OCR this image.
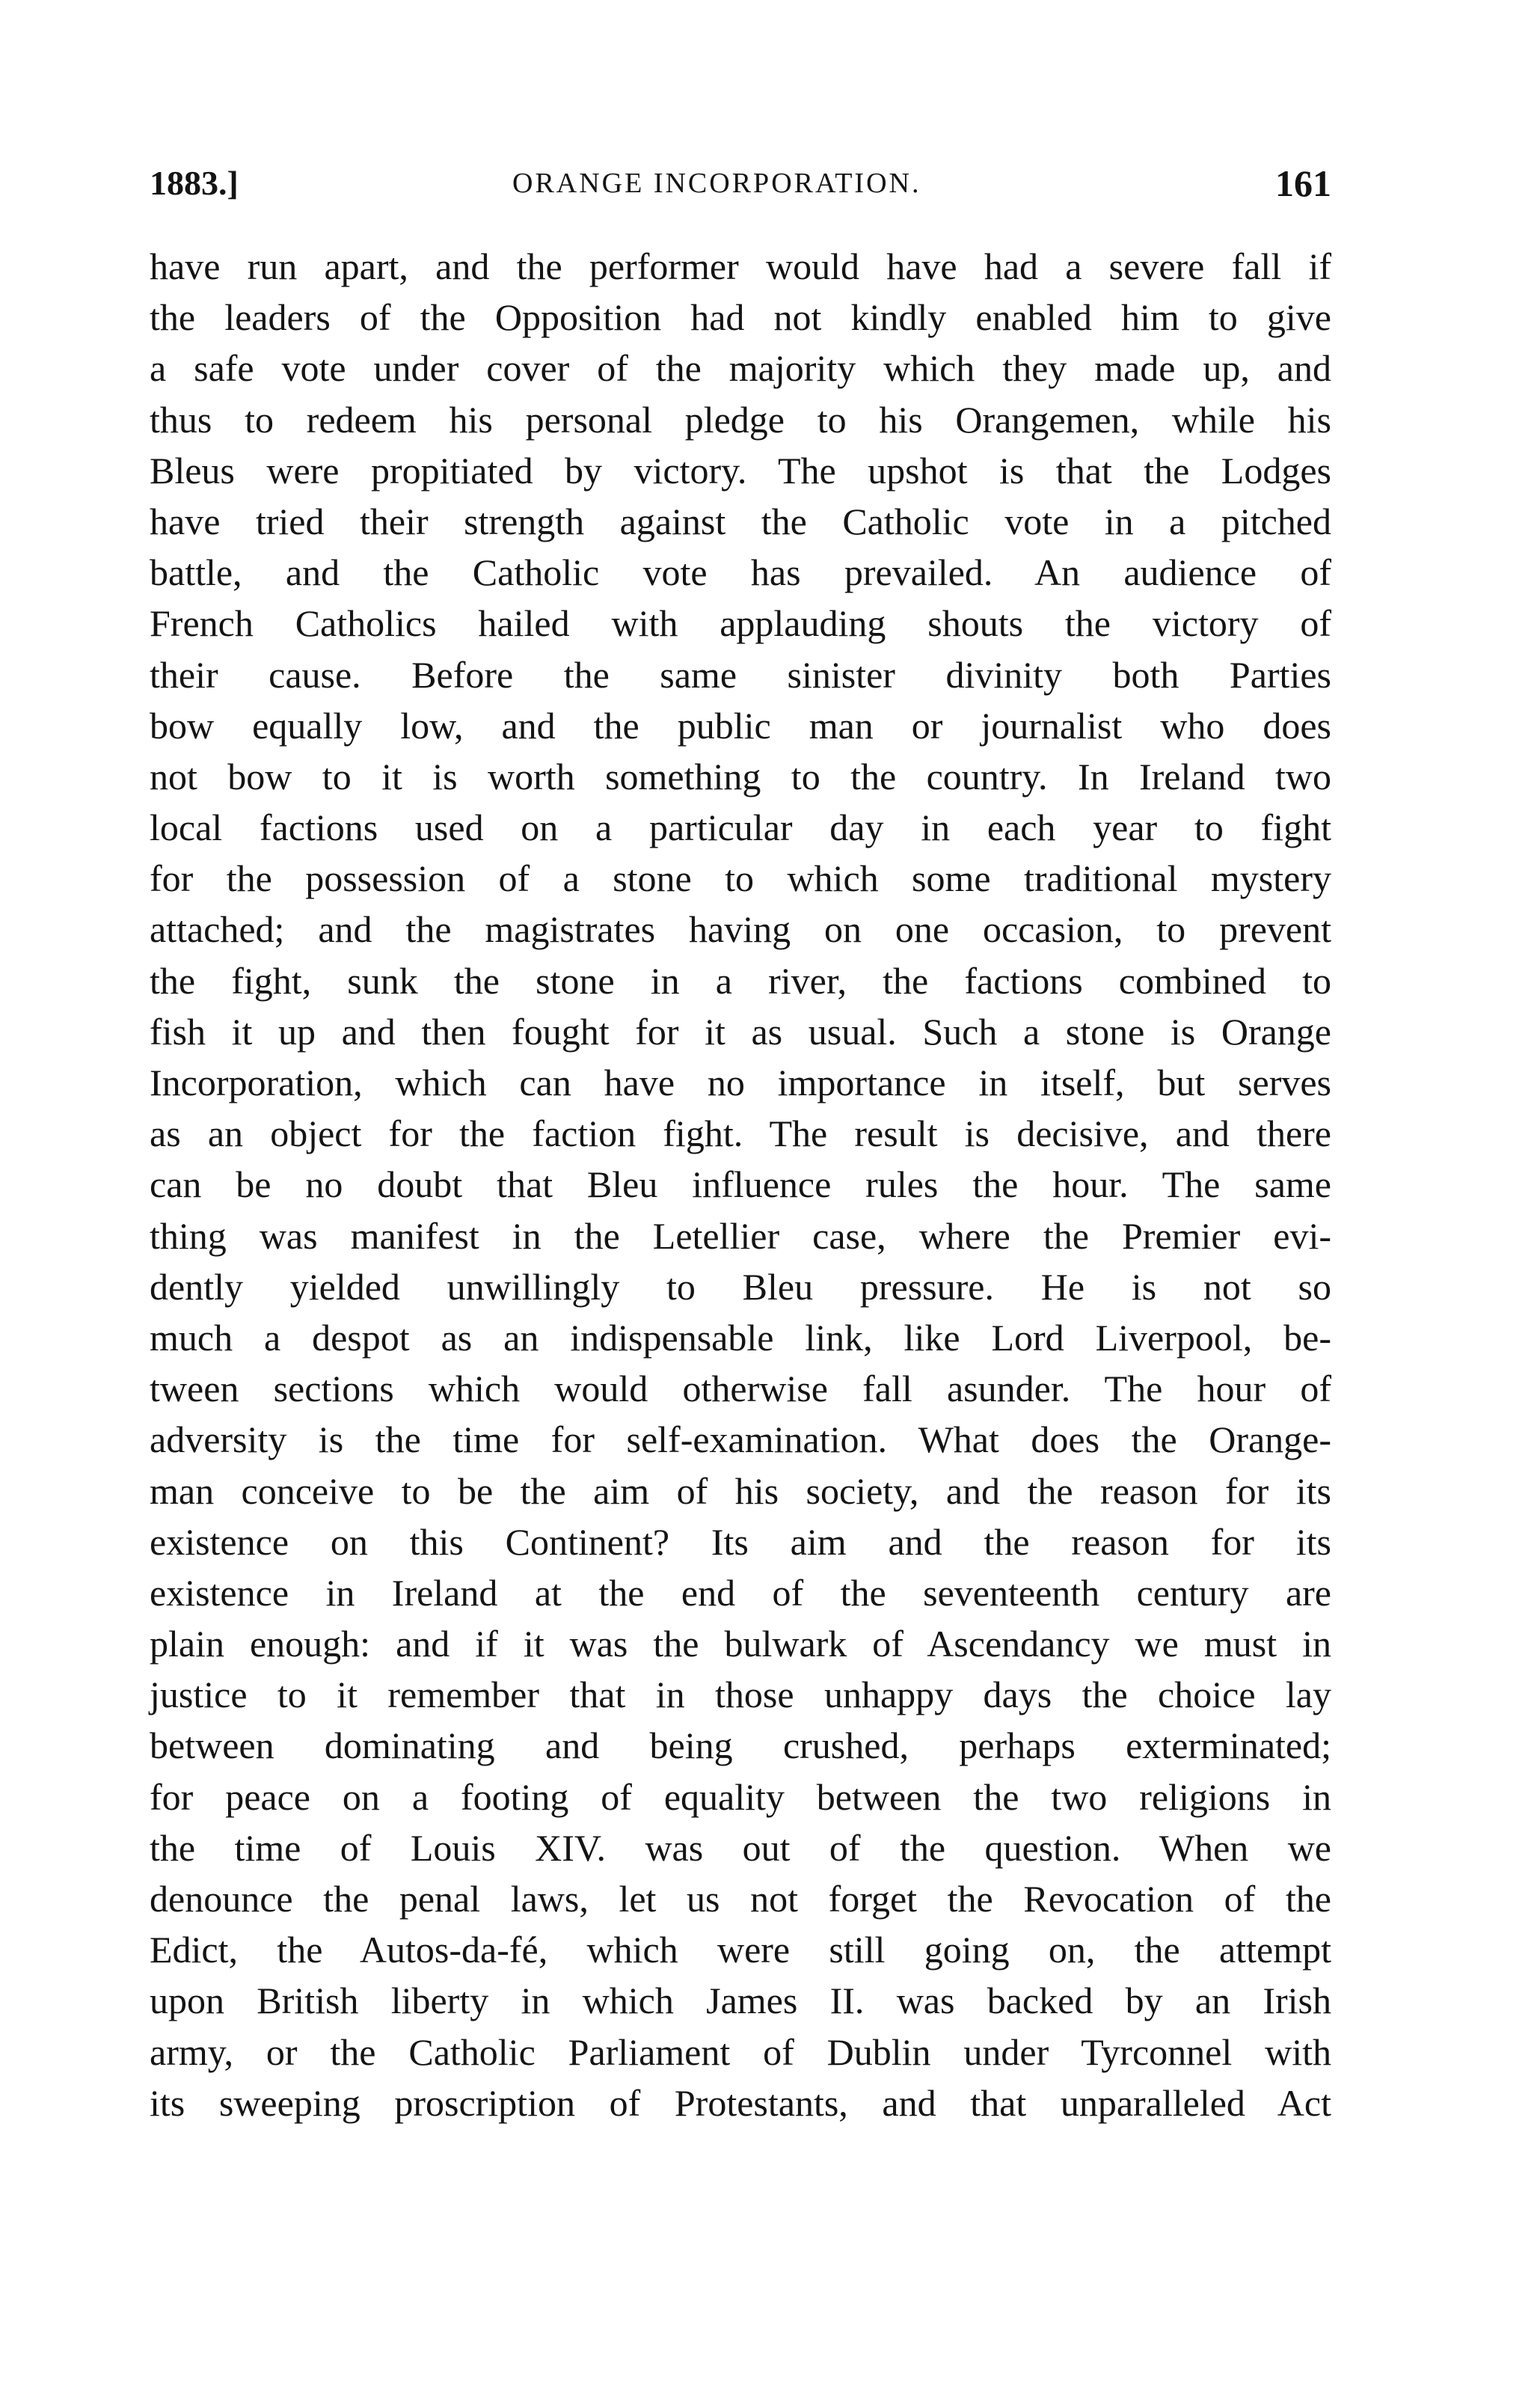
1883.]	ORANGE INCORPORATION.	161
have run apart, and the performer would have had a severe fall if
the leaders of the Opposition had not kindly enabled him to give
a safe vote under cover of the majority which they made up, and
thus to redeem his personal pledge to his Orangemen, while his
Bleus were propitiated by victory. The upshot is that the Lodges
have tried their strength against the Catholic vote in a pitched
battle, and the Catholic vote has prevailed. An audience of
French Catholics hailed with applauding shouts the victory of
their cause. Before the same sinister divinity both Parties
bow equally low, and the public man or journalist who does
not bow to it is worth something to the country. In Ireland two
local factions used on a particular day in each year to fight
for the possession of a stone to which some traditional mystery
attached; and the magistrates having on one occasion, to prevent
the fight, sunk the stone in a river, the factions combined to
fish it up and then fought for it as usual. Such a stone is Orange
Incorporation, which can have no importance in itself, but serves
as an object for the faction fight. The result is decisive, and there
can be no doubt that Bleu influence rules the hour. The same
thing was manifest in the Letellier case, where the Premier evi-
dently yielded unwillingly to Bleu pressure. He is not so
much a despot as an indispensable link, like Lord Liverpool, be-
tween sections which would otherwise fall asunder. The hour of
adversity is the time for self-examination. What does the Orange-
man conceive to be the aim of his society, and the reason for its
existence on this Continent? Its aim and the reason for its
existence in Ireland at the end of the seventeenth century are
plain enough: and if it was the bulwark of Ascendancy we must in
justice to it remember that in those unhappy days the choice lay
between dominating and being crushed, perhaps exterminated;
for peace on a footing of equality between the two religions in
the time of Louis XIV. was out of the question. When we
denounce the penal laws, let us not forget the Revocation of the
Edict, the Autos-da-fé, which were still going on, the attempt
upon British liberty in which James II. was backed by an Irish
army, or the Catholic Parliament of Dublin under Tyrconnel with
its sweeping proscription of Protestants, and that unparalleled Act
